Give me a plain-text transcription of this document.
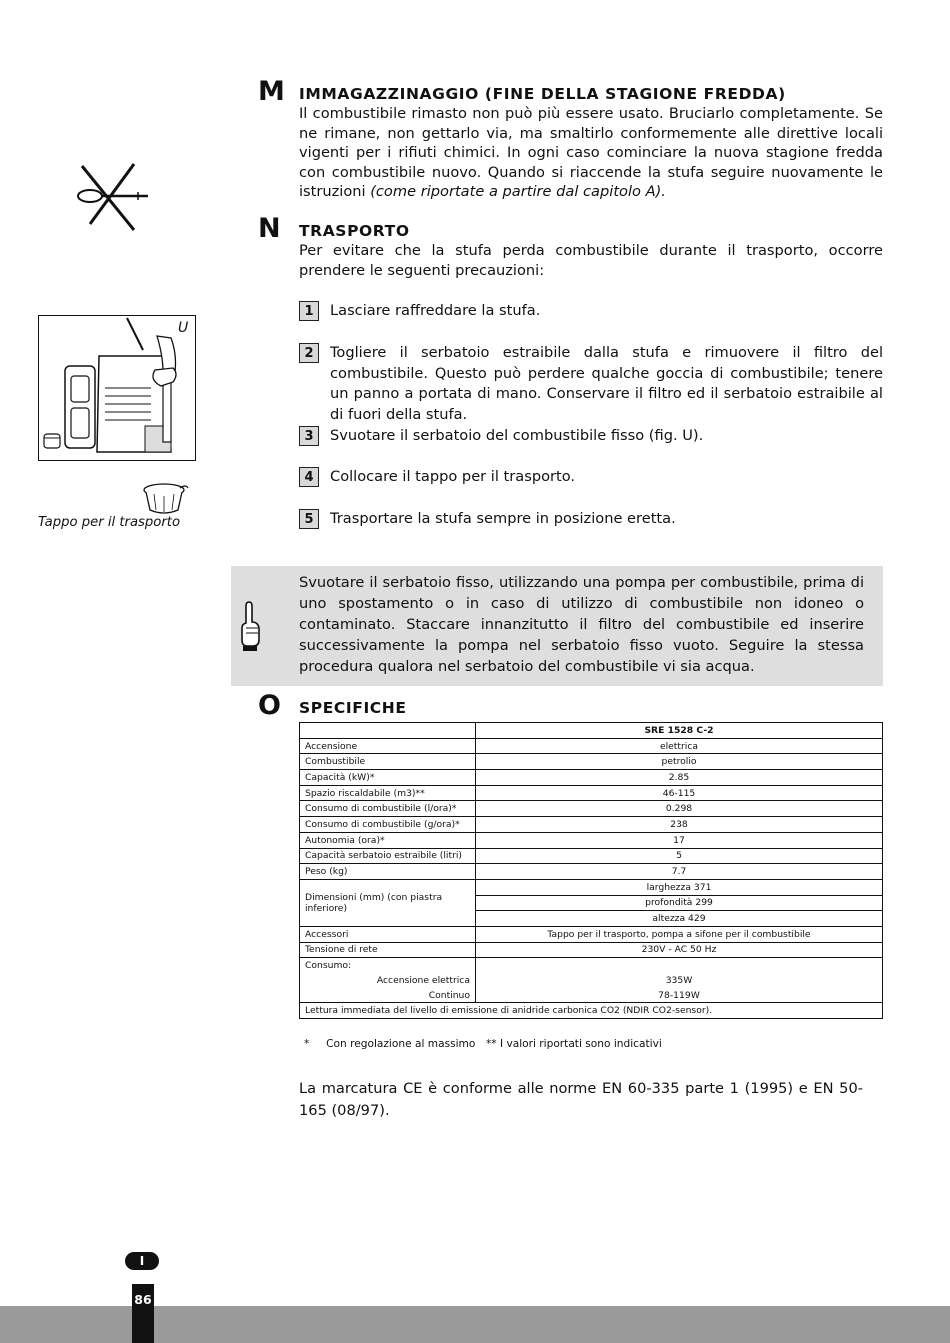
M IMMAGAZZINAGGIO (FINE DELLA STAGIONE FREDDA)
Il combustibile rimasto non può più essere usato. Bruciarlo completamente. Se ne rimane, non gettarlo via, ma smaltirlo conformemente alle direttive locali vigenti per i rifiuti chimici. In ogni caso cominciare la nuova stagione fredda con combustibile nuovo. Quando si riaccende la stufa seguire nuovamente le istruzioni (come riportate a partire dal capitolo A).
N TRASPORTO
Per evitare che la stufa perda combustibile durante il trasporto, occorre prendere le seguenti precauzioni:
1	Lasciare raffreddare la stufa.
2	Togliere il serbatoio estraibile dalla stufa e rimuovere il filtro del combustibile. Questo può perdere qualche goccia di combustibile; tenere un panno a portata di mano. Conservare il filtro ed il serbatoio estraibile al di fuori della stufa.
3	Svuotare il serbatoio del combustibile fisso (fig. U).
4	Collocare il tappo per il trasporto.
5	Trasportare la stufa sempre in posizione eretta.
U
Tappo per il trasporto
Svuotare il serbatoio fisso, utilizzando una pompa per combustibile, prima di uno spostamento o in caso di utilizzo di combustibile non idoneo o contaminato. Staccare innanzitutto il filtro del combustibile ed inserire successivamente la pompa nel serbatoio fisso vuoto. Seguire la stessa procedura qualora nel serbatoio del combustibile vi sia acqua.
O SPECIFICHE
	SRE 1528 C-2
Accensione	elettrica
Combustibile	petrolio
Capacità (kW)*	2.85
Spazio riscaldabile (m3)**	46-115
Consumo di combustibile (l/ora)*	0.298
Consumo di combustibile (g/ora)*	238
Autonomia (ora)*	17
Capacità serbatoio estraibile (litri)	5
Peso (kg)	7.7
Dimensioni (mm) (con piastra inferiore)	larghezza 371
	profondità 299
	altezza 429
Accessori	Tappo per il trasporto, pompa a sifone per il combustibile
Tensione di rete	230V - AC 50 Hz
Consumo:	
Accensione elettrica	335W
Continuo	78-119W
Lettura immediata del livello di emissione di anidride carbonica CO2 (NDIR CO2-sensor).	
*     Con regolazione al massimo ** I valori riportati sono indicativi
La marcatura CE è conforme alle norme EN 60-335 parte 1 (1995) e EN 50-165 (08/97).
I
86
